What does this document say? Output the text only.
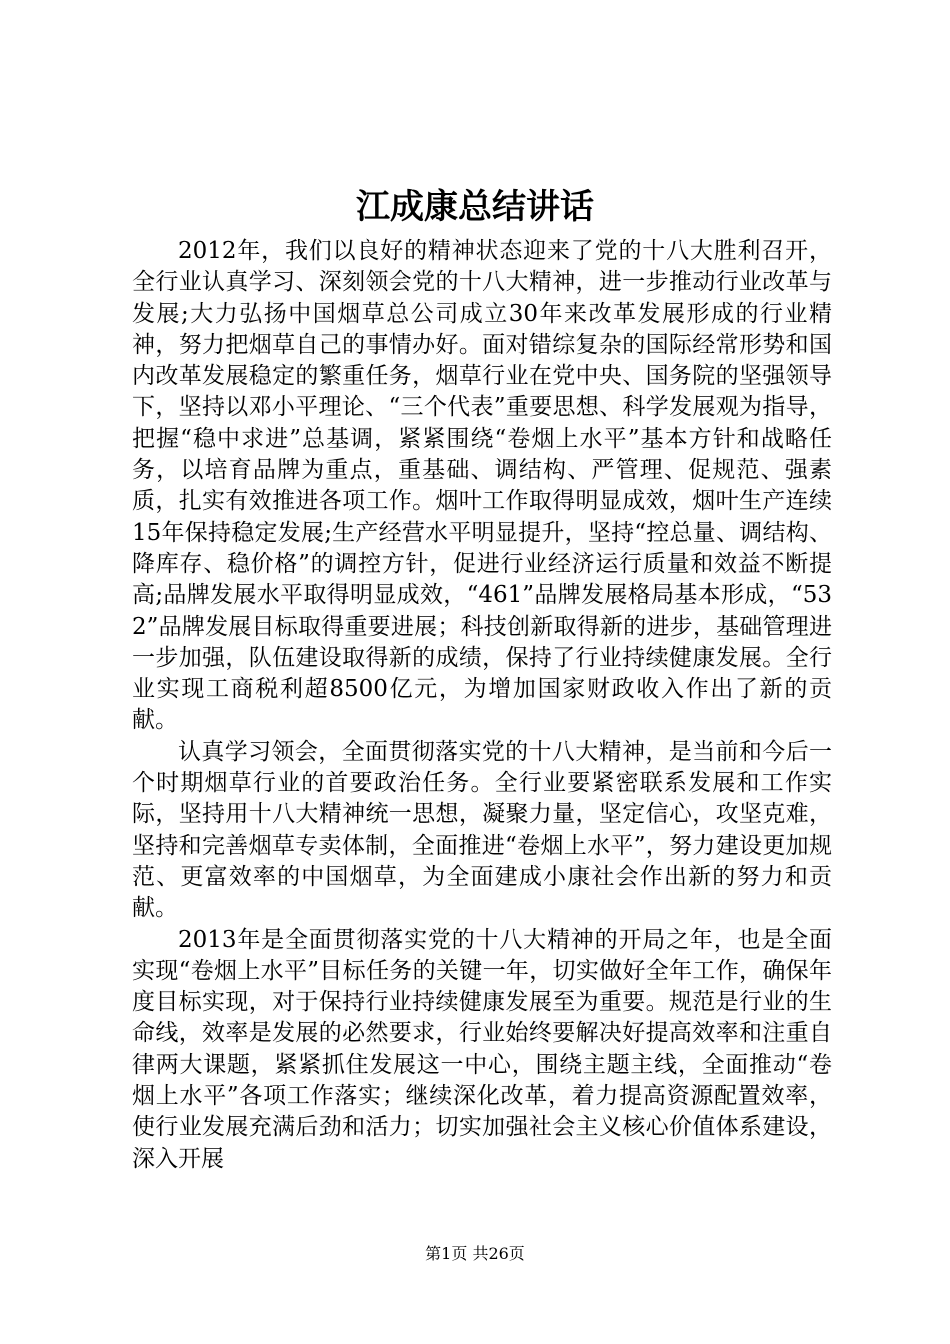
江成康总结讲话

2012年，我们以良好的精神状态迎来了党的十八大胜利召开，全行业认真学习、深刻领会党的十八大精神，进一步推动行业改革与发展;大力弘扬中国烟草总公司成立30年来改革发展形成的行业精神，努力把烟草自己的事情办好。面对错综复杂的国际经常形势和国内改革发展稳定的繁重任务，烟草行业在党中央、国务院的坚强领导下，坚持以邓小平理论、“三个代表”重要思想、科学发展观为指导，把握“稳中求进”总基调，紧紧围绕“卷烟上水平”基本方针和战略任务，以培育品牌为重点，重基础、调结构、严管理、促规范、强素质，扎实有效推进各项工作。烟叶工作取得明显成效，烟叶生产连续15年保持稳定发展;生产经营水平明显提升，坚持“控总量、调结构、降库存、稳价格”的调控方针，促进行业经济运行质量和效益不断提高;品牌发展水平取得明显成效，“461”品牌发展格局基本形成，“532”品牌发展目标取得重要进展；科技创新取得新的进步，基础管理进一步加强，队伍建设取得新的成绩，保持了行业持续健康发展。全行业实现工商税利超8500亿元，为增加国家财政收入作出了新的贡献。

认真学习领会，全面贯彻落实党的十八大精神，是当前和今后一个时期烟草行业的首要政治任务。全行业要紧密联系发展和工作实际，坚持用十八大精神统一思想，凝聚力量，坚定信心，攻坚克难，坚持和完善烟草专卖体制，全面推进“卷烟上水平”，努力建设更加规范、更富效率的中国烟草，为全面建成小康社会作出新的努力和贡献。

2013年是全面贯彻落实党的十八大精神的开局之年，也是全面实现“卷烟上水平”目标任务的关键一年，切实做好全年工作，确保年度目标实现，对于保持行业持续健康发展至为重要。规范是行业的生命线，效率是发展的必然要求，行业始终要解决好提高效率和注重自律两大课题，紧紧抓住发展这一中心，围绕主题主线，全面推动“卷烟上水平”各项工作落实；继续深化改革，着力提高资源配置效率，使行业发展充满后劲和活力；切实加强社会主义核心价值体系建设，深入开展

第1页 共26页
